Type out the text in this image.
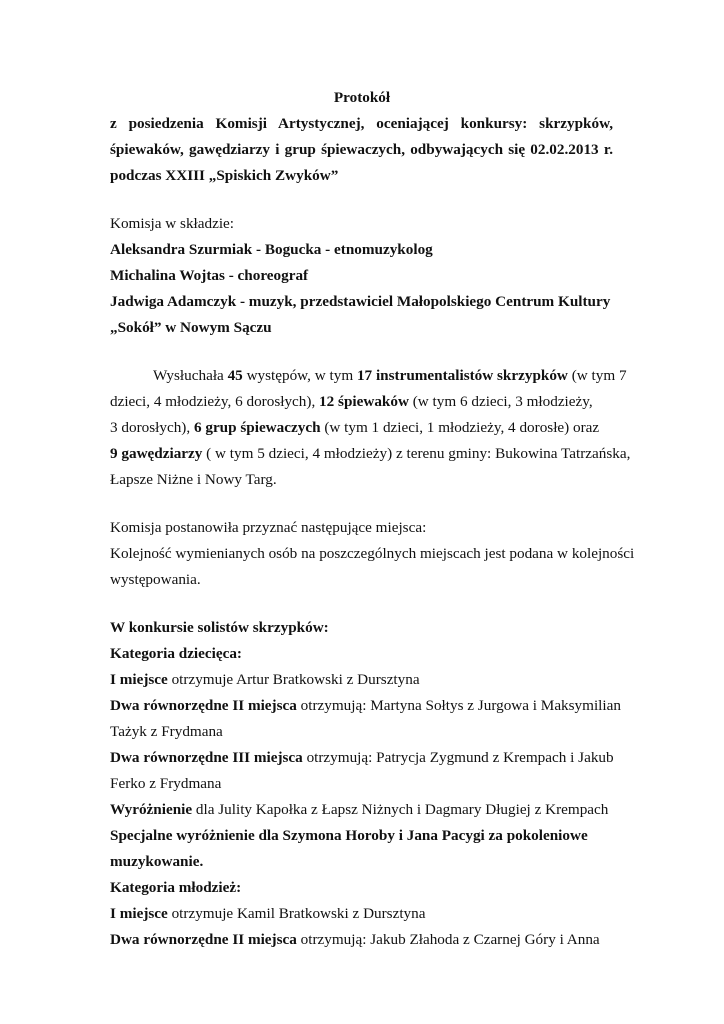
Protokół
z posiedzenia Komisji Artystycznej, oceniającej konkursy: skrzypków,
śpiewaków, gawędziarzy i grup śpiewaczych, odbywających się 02.02.2013 r.
podczas XXIII „Spiskich Zwyków”
Komisja w składzie:
Aleksandra Szurmiak - Bogucka - etnomuzykolog
Michalina Wojtas - choreograf
Jadwiga Adamczyk - muzyk, przedstawiciel Małopolskiego Centrum Kultury
„Sokół” w Nowym Sączu
Wysłuchała 45 występów, w tym 17 instrumentalistów skrzypków (w tym 7
dzieci, 4 młodzieży, 6 dorosłych), 12 śpiewaków (w tym 6 dzieci, 3 młodzieży,
3 dorosłych), 6 grup śpiewaczych (w tym 1 dzieci, 1 młodzieży, 4 dorosłe) oraz
9 gawędziarzy ( w tym 5 dzieci, 4 młodzieży) z terenu gminy: Bukowina Tatrzańska,
Łapsze Niżne i Nowy Targ.
Komisja postanowiła przyznać następujące miejsca:
Kolejność wymienianych osób na poszczególnych miejscach jest podana w kolejności
występowania.
W konkursie solistów skrzypków:
Kategoria dziecięca:
I miejsce otrzymuje Artur Bratkowski z Dursztyna
Dwa równorzędne II miejsca otrzymują: Martyna Sołtys z Jurgowa i Maksymilian
Tażyk z Frydmana
Dwa równorzędne III miejsca otrzymują: Patrycja Zygmund z Krempach i Jakub
Ferko z Frydmana
Wyróżnienie dla Julity Kapołka z Łapsz Niżnych i Dagmary Długiej z Krempach
Specjalne wyróżnienie dla Szymona Horoby i Jana Pacygi za pokoleniowe
muzykowanie.
Kategoria młodzież:
I miejsce otrzymuje Kamil Bratkowski z Dursztyna
Dwa równorzędne II miejsca otrzymują: Jakub Złahoda z Czarnej Góry i Anna
